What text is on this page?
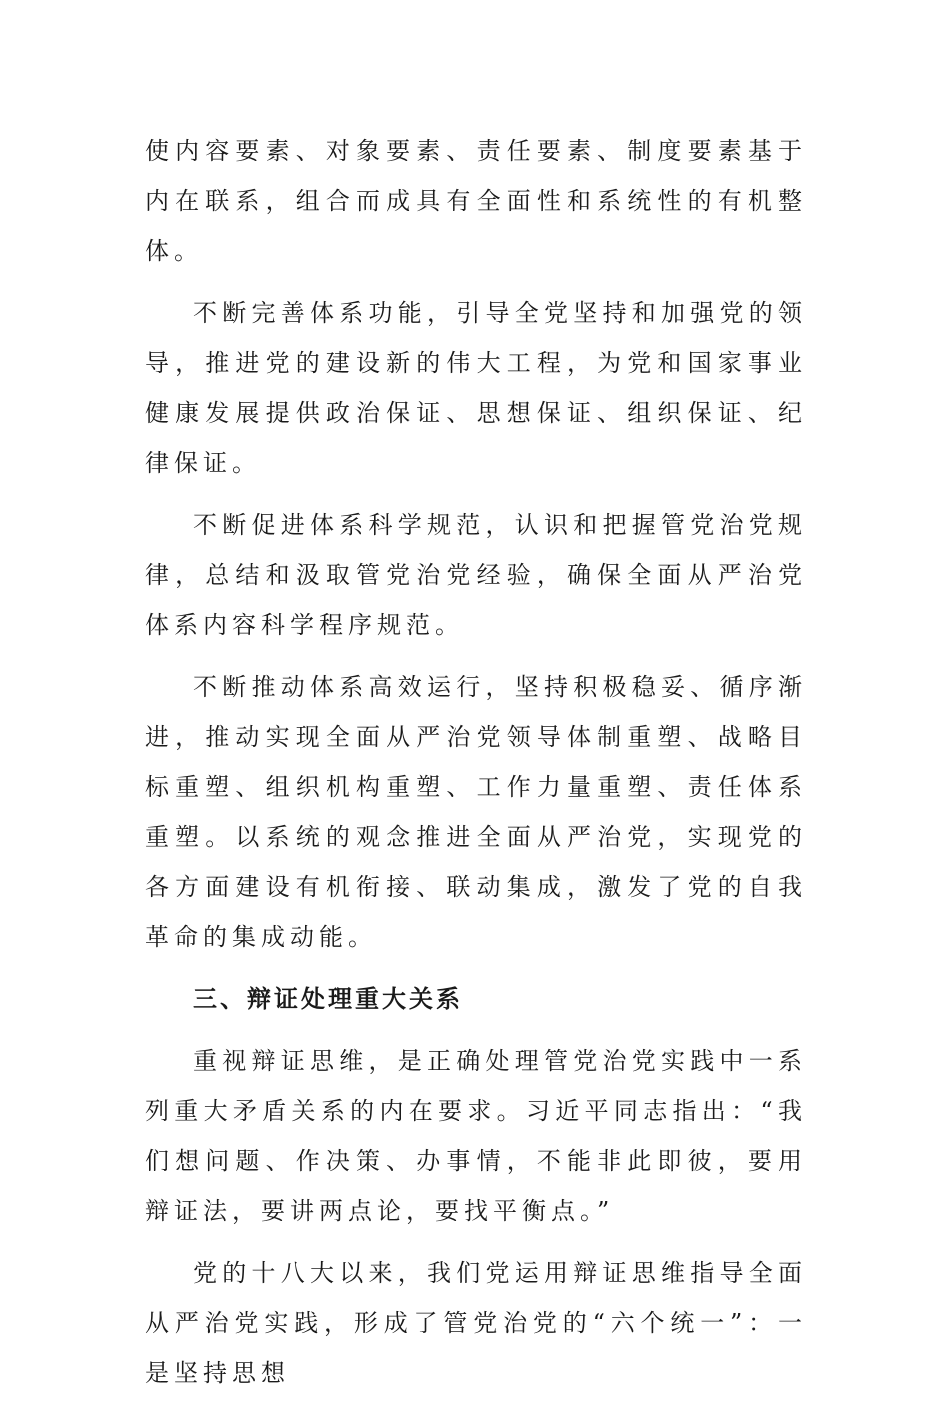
使内容要素、对象要素、责任要素、制度要素基于内在联系，组合而成具有全面性和系统性的有机整体。

不断完善体系功能，引导全党坚持和加强党的领导，推进党的建设新的伟大工程，为党和国家事业健康发展提供政治保证、思想保证、组织保证、纪律保证。

不断促进体系科学规范，认识和把握管党治党规律，总结和汲取管党治党经验，确保全面从严治党体系内容科学程序规范。

不断推动体系高效运行，坚持积极稳妥、循序渐进，推动实现全面从严治党领导体制重塑、战略目标重塑、组织机构重塑、工作力量重塑、责任体系重塑。以系统的观念推进全面从严治党，实现党的各方面建设有机衔接、联动集成，激发了党的自我革命的集成动能。

三、辩证处理重大关系

重视辩证思维，是正确处理管党治党实践中一系列重大矛盾关系的内在要求。习近平同志指出：“我们想问题、作决策、办事情，不能非此即彼，要用辩证法，要讲两点论，要找平衡点。”

党的十八大以来，我们党运用辩证思维指导全面从严治党实践，形成了管党治党的“六个统一”：一是坚持思想
